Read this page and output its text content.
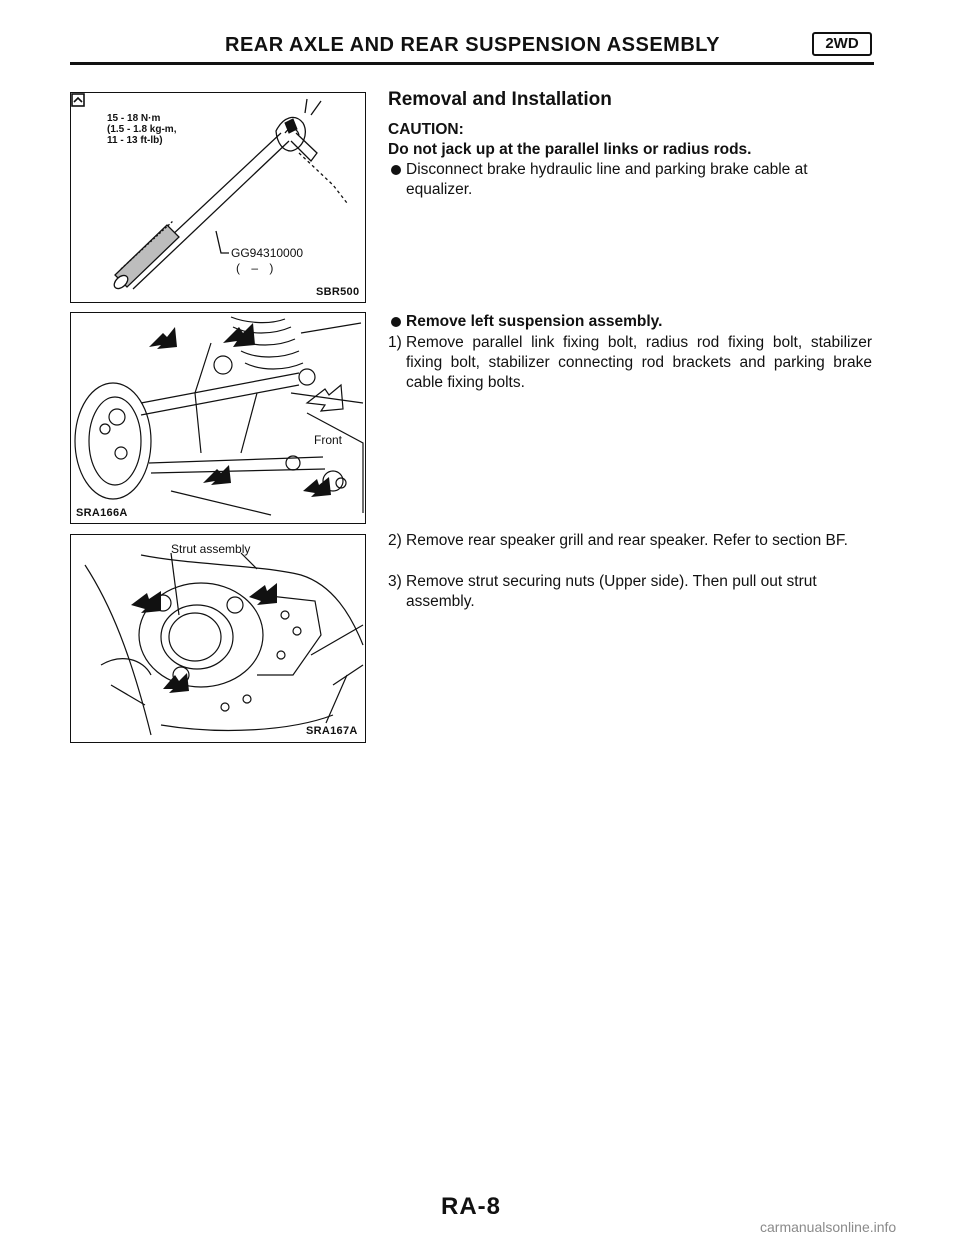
REAR AXLE AND REAR SUSPENSION ASSEMBLY	2WD
15 - 18 N·m
(1.5 - 1.8 kg-m,
11 - 13 ft-lb)
GG94310000
( – )
SBR500
Front
SRA166A
Strut assembly
SRA167A
Removal and Installation
CAUTION:
Do not jack up at the parallel links or radius rods.
Disconnect brake hydraulic line and parking brake cable at equalizer.
Remove left suspension assembly.
1) Remove parallel link fixing bolt, radius rod fixing bolt, stabilizer fixing bolt, stabilizer connecting rod brackets and parking brake cable fixing bolts.
2) Remove rear speaker grill and rear speaker. Refer to section BF.
3) Remove strut securing nuts (Upper side). Then pull out strut assembly.
RA-8
carmanualsonline.info
